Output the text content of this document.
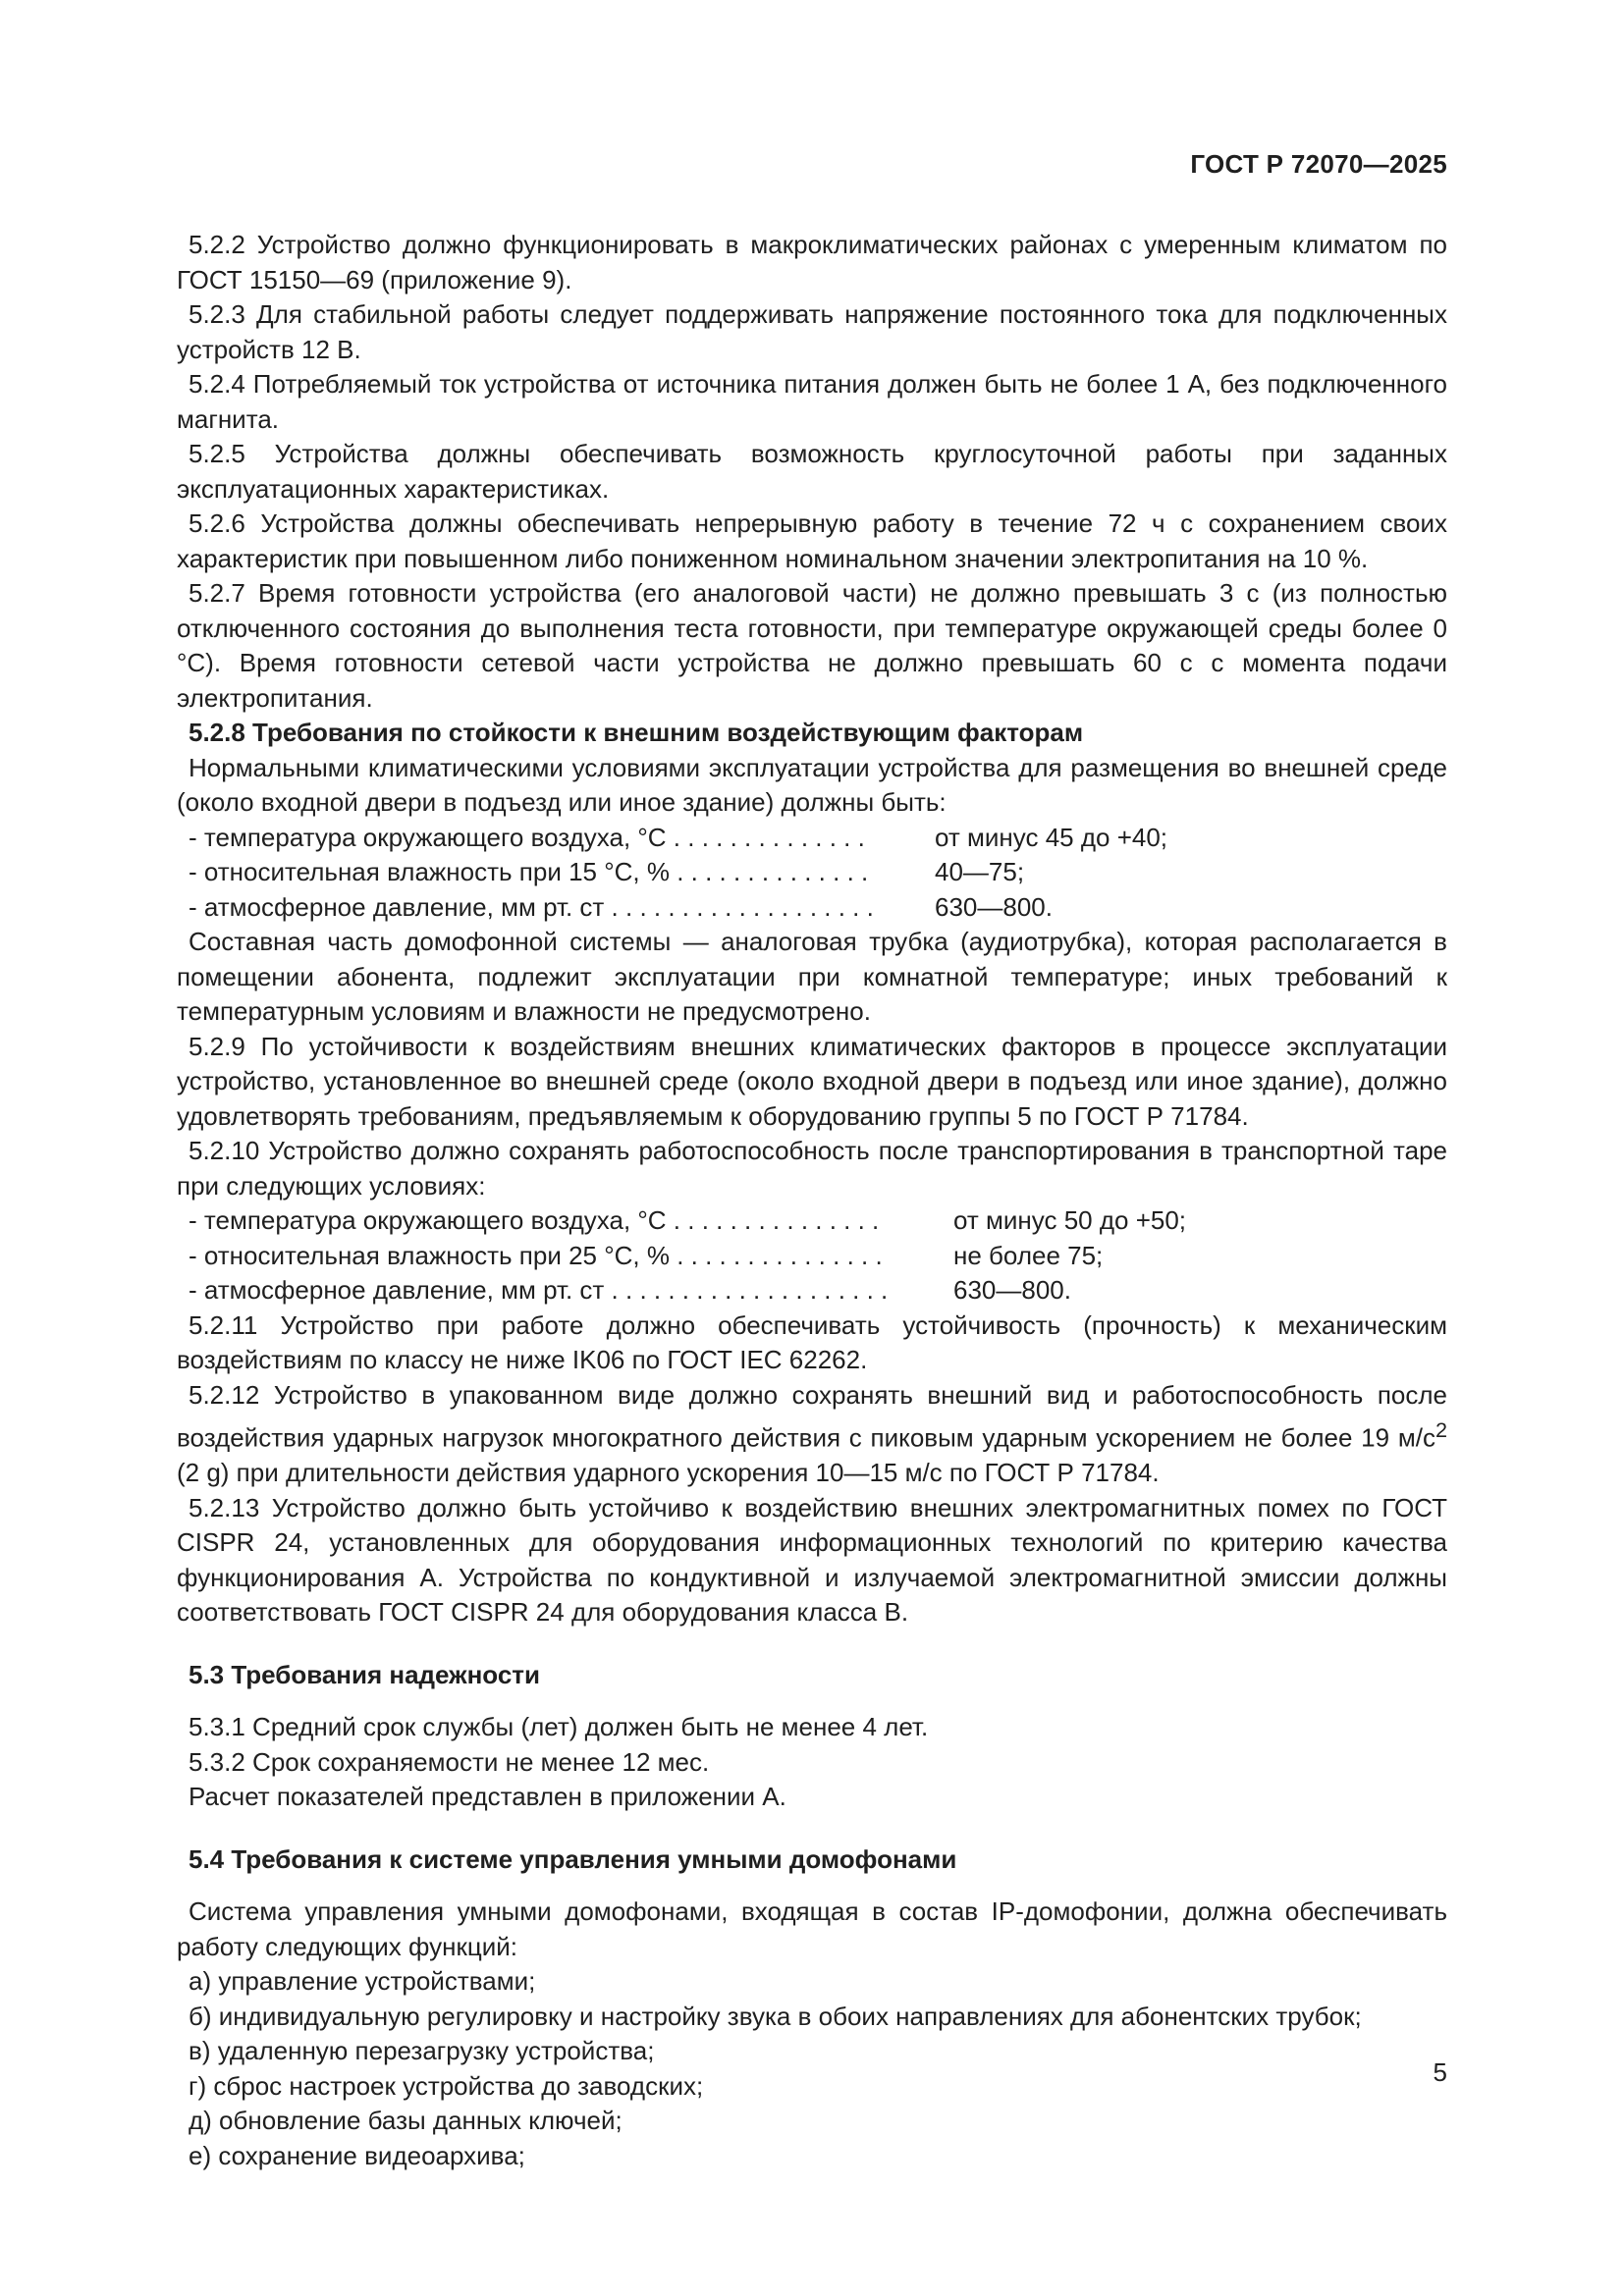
ГОСТ Р 72070—2025

5.2.2 Устройство должно функционировать в макроклиматических районах с умеренным климатом по ГОСТ 15150—69 (приложение 9).

5.2.3 Для стабильной работы следует поддерживать напряжение постоянного тока для подключенных устройств 12 В.

5.2.4 Потребляемый ток устройства от источника питания должен быть не более 1 А, без подключенного магнита.

5.2.5 Устройства должны обеспечивать возможность круглосуточной работы при заданных эксплуатационных характеристиках.

5.2.6 Устройства должны обеспечивать непрерывную работу в течение 72 ч с сохранением своих характеристик при повышенном либо пониженном номинальном значении электропитания на 10 %.

5.2.7 Время готовности устройства (его аналоговой части) не должно превышать 3 с (из полностью отключенного состояния до выполнения теста готовности, при температуре окружающей среды более 0 °С). Время готовности сетевой части устройства не должно превышать 60 с с момента подачи электропитания.

5.2.8 Требования по стойкости к внешним воздействующим факторам

Нормальными климатическими условиями эксплуатации устройства для размещения во внешней среде (около входной двери в подъезд или иное здание) должны быть:

- температура окружающего воздуха, °С . . . . . . . . . . . . . .	от минус 45 до +40;
- относительная влажность при 15 °С, % . . . . . . . . . . . . . .	40—75;
- атмосферное давление, мм рт. ст . . . . . . . . . . . . . . . . . . .	630—800.

Составная часть домофонной системы — аналоговая трубка (аудиотрубка), которая располагается в помещении абонента, подлежит эксплуатации при комнатной температуре; иных требований к температурным условиям и влажности не предусмотрено.

5.2.9 По устойчивости к воздействиям внешних климатических факторов в процессе эксплуатации устройство, установленное во внешней среде (около входной двери в подъезд или иное здание), должно удовлетворять требованиям, предъявляемым к оборудованию группы 5 по ГОСТ Р 71784.

5.2.10 Устройство должно сохранять работоспособность после транспортирования в транспортной таре при следующих условиях:

- температура окружающего воздуха, °С . . . . . . . . . . . . . . .	от минус 50 до +50;
- относительная влажность при 25 °С, % . . . . . . . . . . . . . . .	не более 75;
- атмосферное давление, мм рт. ст . . . . . . . . . . . . . . . . . . . .	630—800.

5.2.11 Устройство при работе должно обеспечивать устойчивость (прочность) к механическим воздействиям по классу не ниже IK06 по ГОСТ IEC 62262.

5.2.12 Устройство в упакованном виде должно сохранять внешний вид и работоспособность после воздействия ударных нагрузок многократного действия с пиковым ударным ускорением не более 19 $м/с^2$ (2 g) при длительности действия ударного ускорения 10—15 м/с по ГОСТ Р 71784.

5.2.13 Устройство должно быть устойчиво к воздействию внешних электромагнитных помех по ГОСТ CISPR 24, установленных для оборудования информационных технологий по критерию качества функционирования А. Устройства по кондуктивной и излучаемой электромагнитной эмиссии должны соответствовать ГОСТ CISPR 24 для оборудования класса В.

5.3 Требования надежности

5.3.1 Средний срок службы (лет) должен быть не менее 4 лет.

5.3.2 Срок сохраняемости не менее 12 мес.

Расчет показателей представлен в приложении А.

5.4 Требования к системе управления умными домофонами

Система управления умными домофонами, входящая в состав IP-домофонии, должна обеспечивать работу следующих функций:

а) управление устройствами;
б) индивидуальную регулировку и настройку звука в обоих направлениях для абонентских трубок;
в) удаленную перезагрузку устройства;
г) сброс настроек устройства до заводских;
д) обновление базы данных ключей;
е) сохранение видеоархива;
5
